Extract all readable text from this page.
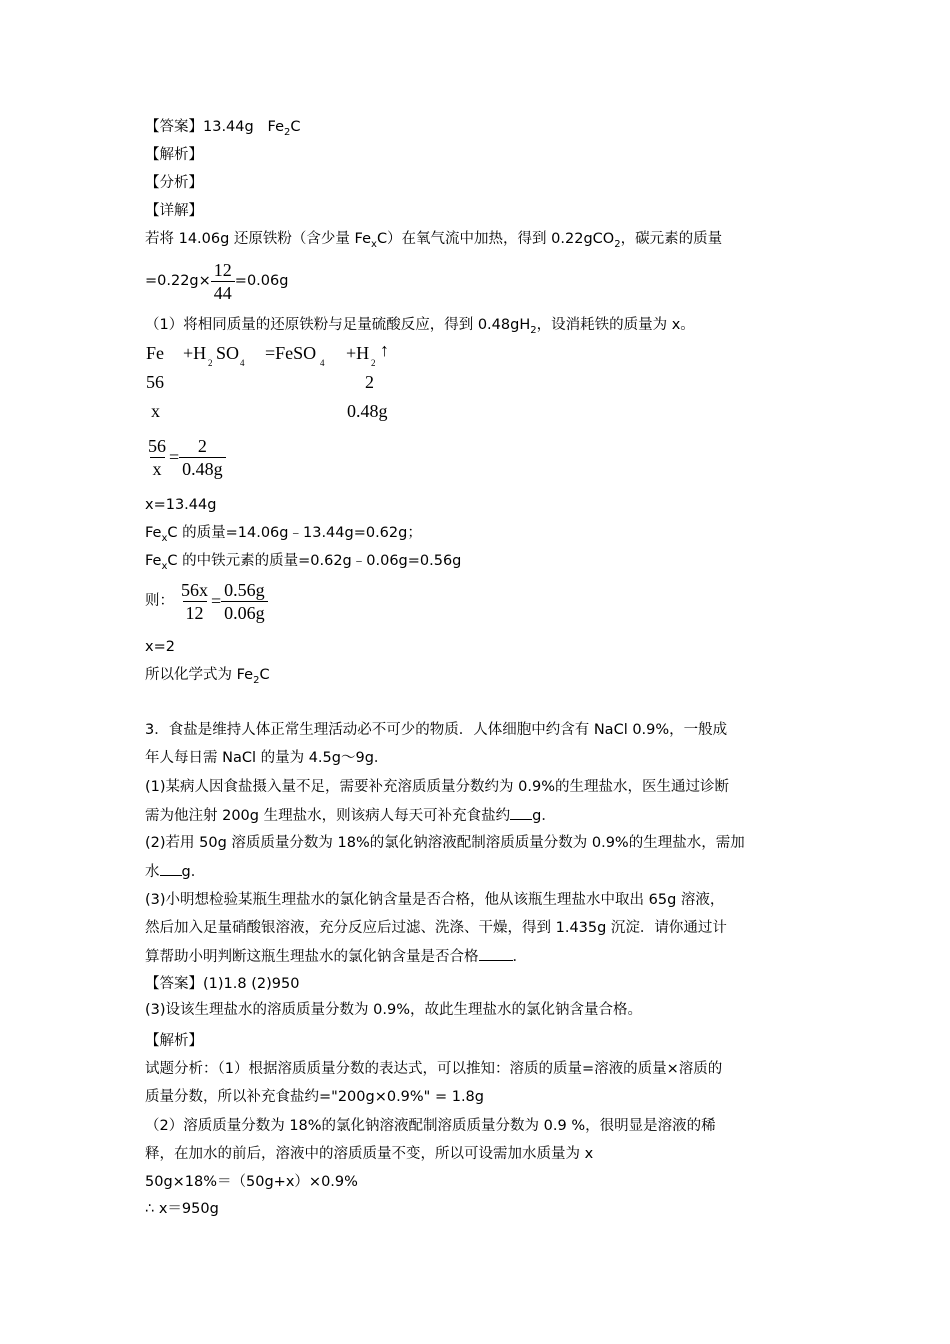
【答案】13.44g $Fe_2C$
【解析】
【分析】
【详解】
若将 14.06g 还原铁粉（含少量 $Fe_xC$）在氧气流中加热，得到 0.22gCO$_2$，碳元素的质量
$=0.22g\times \frac{12}{44} =0.06g$
（1）将相同质量的还原铁粉与足量硫酸反应，得到 $0.48gH_2$，设消耗铁的质量为 x。
Fe +H 2 SO 4 =FeSO 4 +H 2
↑
56	2
x	0.48g
$\frac{56}{x} = \frac{2}{0.48g}$
x=13.44g
$Fe_xC$ 的质量=14.06g﹣13.44g=0.62g；
$Fe_xC$ 的中铁元素的质量=0.62g﹣0.06g=0.56g
则： $\frac{56x}{12} = \frac{0.56g}{0.06g}$
x=2
所以化学式为 $Fe_2C$
3．食盐是维持人体正常生理活动必不可少的物质．人体细胞中约含有 NaCl 0.9%，一般成
年人每日需 NaCl 的量为 4.5g～9g．
(1)某病人因食盐摄入量不足，需要补充溶质质量分数约为 0.9%的生理盐水，医生通过诊断
需为他注射 200g 生理盐水，则该病人每天可补充食盐约 g．
(2)若用 50g 溶质质量分数为 18%的氯化钠溶液配制溶质质量分数为 0.9%的生理盐水，需加
水 g．
(3)小明想检验某瓶生理盐水的氯化钠含量是否合格，他从该瓶生理盐水中取出 65g 溶液，
然后加入足量硝酸银溶液，充分反应后过滤、洗涤、干燥，得到 1.435g 沉淀．请你通过计
算帮助小明判断这瓶生理盐水的氯化钠含量是否合格 ．
【答案】(1)1.8 (2)950
(3)设该生理盐水的溶质质量分数为 0.9%，故此生理盐水的氯化钠含量合格。
【解析】
试题分析：（1）根据溶质质量分数的表达式，可以推知：溶质的质量=溶液的质量×溶质的
质量分数，所以补充食盐约="200g×0.9%" = 1.8g
（2）溶质质量分数为 18%的氯化钠溶液配制溶质质量分数为 0.9 %，很明显是溶液的稀
释，在加水的前后，溶液中的溶质质量不变，所以可设需加水质量为 x
50g×18%＝（50g+x）×0.9%
∴ x＝950g
